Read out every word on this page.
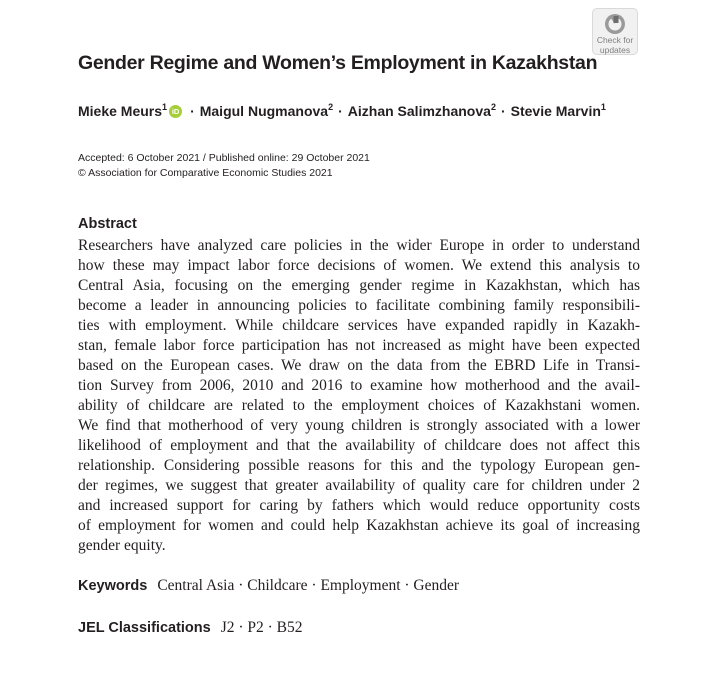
Check for
updates
Gender Regime and Women’s Employment in Kazakhstan
Mieke Meurs$^1$ iD · Maigul Nugmanova$^2$ · Aizhan Salimzhanova$^2$ · Stevie Marvin$^1$
Accepted: 6 October 2021 / Published online: 29 October 2021
© Association for Comparative Economic Studies 2021
Abstract

Researchers have analyzed care policies in the wider Europe in order to understand
how these may impact labor force decisions of women. We extend this analysis to
Central Asia, focusing on the emerging gender regime in Kazakhstan, which has
become a leader in announcing policies to facilitate combining family responsibili-
ties with employment. While childcare services have expanded rapidly in Kazakh-
stan, female labor force participation has not increased as might have been expected
based on the European cases. We draw on the data from the EBRD Life in Transi-
tion Survey from 2006, 2010 and 2016 to examine how motherhood and the avail-
ability of childcare are related to the employment choices of Kazakhstani women.
We find that motherhood of very young children is strongly associated with a lower
likelihood of employment and that the availability of childcare does not affect this
relationship. Considering possible reasons for this and the typology European gen-
der regimes, we suggest that greater availability of quality care for children under 2
and increased support for caring by fathers which would reduce opportunity costs
of employment for women and could help Kazakhstan achieve its goal of increasing
gender equity.

Keywords Central Asia · Childcare · Employment · Gender
JEL Classifications J2 · P2 · B52
